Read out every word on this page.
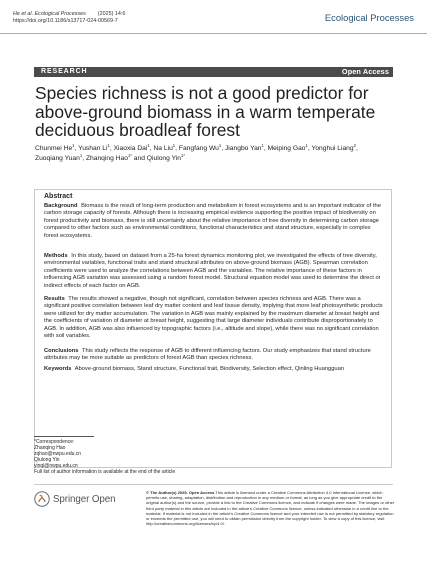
He et al. Ecological Processes (2025) 14:6
https://doi.org/10.1186/s13717-024-00569-7	Ecological Processes
RESEARCH	Open Access
Species richness is not a good predictor for above-ground biomass in a warm temperate deciduous broadleaf forest
Chunmei He$^1$, Yushan Li$^1$, Xiaoxia Dai$^1$, Na Liu$^1$, Fangfang Wu$^1$, Jiangbo Yan$^1$, Meiping Gao$^1$, Yonghui Liang$^2$, Zuoqiang Yuan$^1$, Zhanqing Hao$^{1*}$ and Qiulong Yin$^{1*}$
Abstract
Background Biomass is the result of long-term production and metabolism in forest ecosystems and is an important indicator of the carbon storage capacity of forests. Although there is increasing empirical evidence supporting the positive impact of biodiversity on forest productivity and biomass, there is still uncertainty about the relative importance of tree diversity in determining carbon storage compared to other factors such as environmental conditions, functional characteristics and stand structure, especially in complex forest ecosystems.
Methods In this study, based on dataset from a 25-ha forest dynamics monitoring plot, we investigated the effects of tree diversity, environmental variables, functional traits and stand structural attributes on above-ground biomass (AGB). Spearman correlation coefficients were used to analyze the correlations between AGB and the variables. The relative importance of these factors in influencing AGB variation was assessed using a random forest model. Structural equation model was used to determine the direct or indirect effects of each factor on AGB.
Results The results showed a negative, though not significant, correlation between species richness and AGB. There was a significant positive correlation between leaf dry matter content and leaf tissue density, implying that more leaf photosynthetic products were utilized for dry matter accumulation. The variation in AGB was mainly explained by the maximum diameter at breast height and the coefficients of variation of diameter at breast height, suggesting that large diameter individuals contribute disproportionately to AGB. In addition, AGB was also influenced by topographic factors (i.e., altitude and slope), while there was no significant correlation with soil variables.
Conclusions This study reflects the response of AGB to different influencing factors. Our study emphasizes that stand structure attributes may be more suitable as predictors of forest AGB than species richness.
Keywords Above-ground biomass, Stand structure, Functional trait, Biodiversity, Selection effect, Qinling Huangguan
*Correspondence:
Zhanqing Hao
zqhao@nwpu.edu.cn
Qiulong Yin
yinql@nwpu.edu.cn
Full list of author information is available at the end of the article
Springer Open
© The Author(s) 2025. Open Access This article is licensed under a Creative Commons Attribution 4.0 International License, which permits use, sharing, adaptation, distribution and reproduction in any medium or format, as long as you give appropriate credit to the original author(s) and the source, provide a link to the Creative Commons licence, and indicate if changes were made. The images or other third party material in this article are included in the article's Creative Commons licence, unless indicated otherwise in a credit line to the material. If material is not included in the article's Creative Commons licence and your intended use is not permitted by statutory regulation or exceeds the permitted use, you will need to obtain permission directly from the copyright holder. To view a copy of this licence, visit http://creativecommons.org/licenses/by/4.0/.
